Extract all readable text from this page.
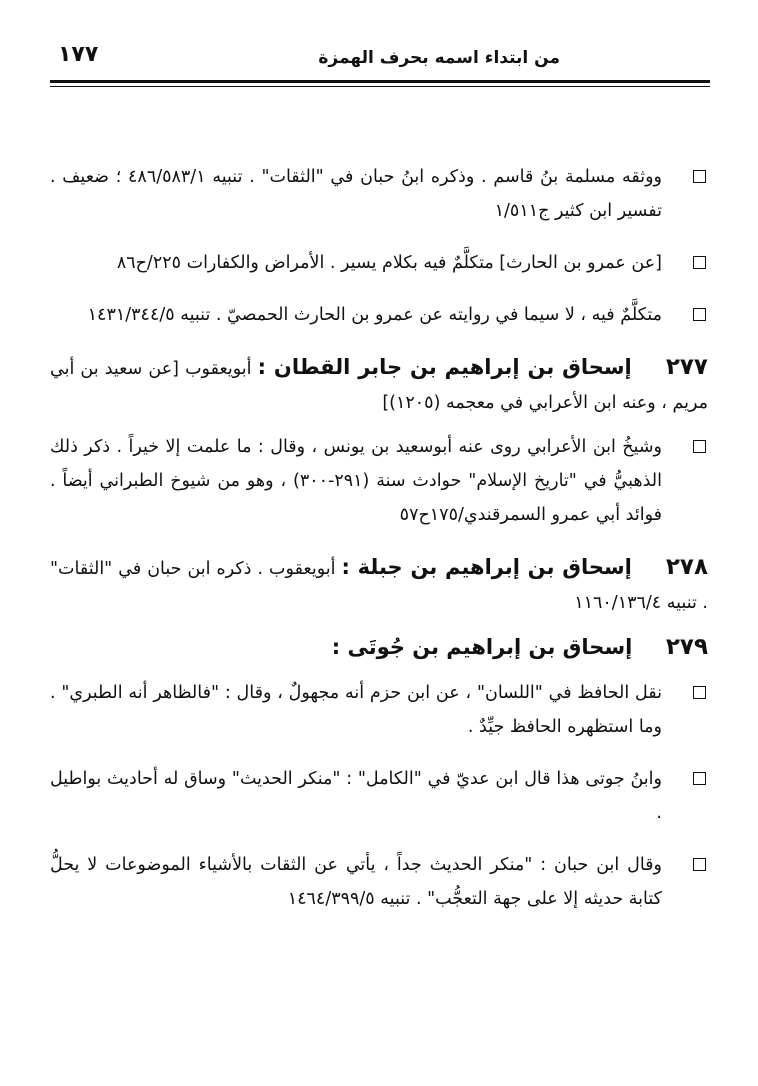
من ابتداء اسمه بحرف الهمزة
١٧٧

ووثقه مسلمة بنُ قاسم . وذكره ابنُ حبان في "الثقات" . تنبيه ٤٨٦/٥٨٣/١ ؛ ضعيف . تفسير ابن كثير ج١/٥١١

[عن عمرو بن الحارث] متكلَّمٌ فيه بكلام يسير . الأمراض والكفارات ٢٢٥/ح٨٦

متكلَّمٌ فيه ، لا سيما في روايته عن عمرو بن الحارث الحمصيّ . تنبيه ١٤٣١/٣٤٤/٥

٢٧٧ إسحاق بن إبراهيم بن جابر القطان : أبويعقوب [عن سعيد بن أبي مريم ، وعنه ابن الأعرابي في معجمه (١٢٠٥)]

وشيخُ ابن الأعرابي روى عنه أبوسعيد بن يونس ، وقال : ما علمت إلا خيراً . ذكر ذلك الذهبيُّ في "تاريخ الإسلام" حوادث سنة (٢٩١-٣٠٠) ، وهو من شيوخ الطبراني أيضاً . فوائد أبي عمرو السمرقندي/١٧٥ح٥٧

٢٧٨ إسحاق بن إبراهيم بن جبلة : أبويعقوب . ذكره ابن حبان في "الثقات" . تنبيه ١١٦٠/١٣٦/٤

٢٧٩ إسحاق بن إبراهيم بن جُوتَى :

نقل الحافظ في "اللسان" ، عن ابن حزم أنه مجهولٌ ، وقال : "فالظاهر أنه الطبري" . وما استظهره الحافظ جيِّدٌ .

وابنُ جوتى هذا قال ابن عديّ في "الكامل" : "منكر الحديث" وساق له أحاديث بواطيل .

وقال ابن حبان : "منكر الحديث جداً ، يأتي عن الثقات بالأشياء الموضوعات لا يحلُّ كتابة حديثه إلا على جهة التعجُّب" . تنبيه ١٤٦٤/٣٩٩/٥
